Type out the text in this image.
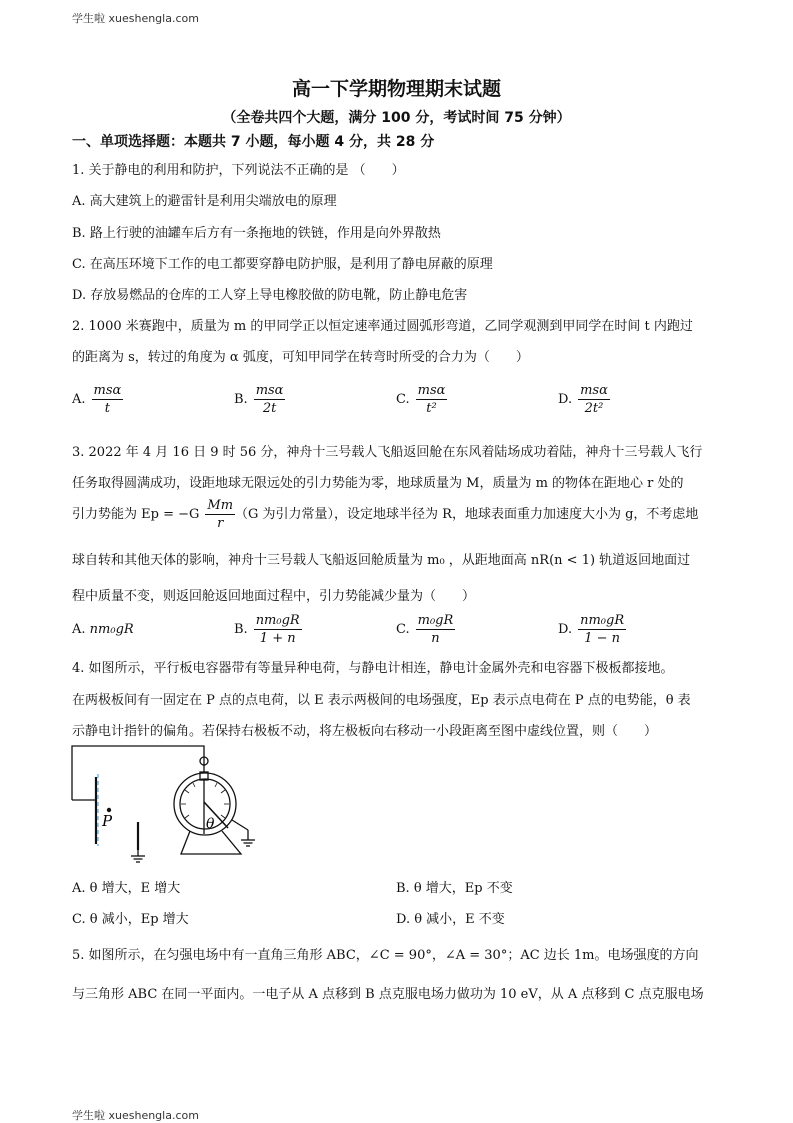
学生啦 xueshengla.com
高一下学期物理期末试题
（全卷共四个大题，满分 100 分，考试时间 75 分钟）
一、单项选择题：本题共 7 小题，每小题 4 分，共 28 分
1. 关于静电的利用和防护，下列说法不正确的是 （　　）
A. 高大建筑上的避雷针是利用尖端放电的原理
B. 路上行驶的油罐车后方有一条拖地的铁链，作用是向外界散热
C. 在高压环境下工作的电工都要穿静电防护服，是利用了静电屏蔽的原理
D. 存放易燃品的仓库的工人穿上导电橡胶做的防电靴，防止静电危害
2. 1000 米赛跑中，质量为 m 的甲同学正以恒定速率通过圆弧形弯道，乙同学观测到甲同学在时间 t 内跑过
的距离为 s，转过的角度为 α 弧度，可知甲同学在转弯时所受的合力为（　　）
A. $\frac{\text{msα}}{t}$	B. $\frac{\text{msα}}{2t}$	C. $\frac{\text{msα}}{\text{t²}}$	D. $\frac{\text{msα}}{\text{2t²}}$
3. 2022 年 4 月 16 日 9 时 56 分，神舟十三号载人飞船返回舱在东风着陆场成功着陆，神舟十三号载人飞行
任务取得圆满成功，设距地球无限远处的引力势能为零，地球质量为 M，质量为 m 的物体在距地心 r 处的
引力势能为 $Ep = -G \frac{Mm}{r} (G$ 为引力常量），设定地球半径为 R，地球表面重力加速度大小为 g，不考虑地
球自转和其他天体的影响，神舟十三号载人飞船返回舱质量为 m₀ ，从距地面高 nR(n < 1) 轨道返回地面过
程中质量不变，则返回舱返回地面过程中，引力势能减少量为（　　）
A. nm₀gR	B. $\frac{\text{nm₀gR}}{1 + n}$	C. $\frac{\text{m₀gR}}{n}$	D. $\frac{\text{nm₀gR}}{1 - n}$
4. 如图所示，平行板电容器带有等量异种电荷，与静电计相连，静电计金属外壳和电容器下极板都接地。
在两极板间有一固定在 P 点的点电荷，以 E 表示两极间的电场强度，Ep 表示点电荷在 P 点的电势能，θ 表
示静电计指针的偏角。若保持右极板不动，将左极板向右移动一小段距离至图中虚线位置，则（　　）
P	θ
A. θ 增大，E 增大	B. θ 增大，Ep 不变
C. θ 减小，Ep 增大	D. θ 减小，E 不变
5. 如图所示，在匀强电场中有一直角三角形 ABC，∠C = 90°，∠A = 30°；AC 边长 1m。电场强度的方向
与三角形 ABC 在同一平面内。一电子从 A 点移到 B 点克服电场力做功为 10 eV，从 A 点移到 C 点克服电场
学生啦 xueshengla.com
